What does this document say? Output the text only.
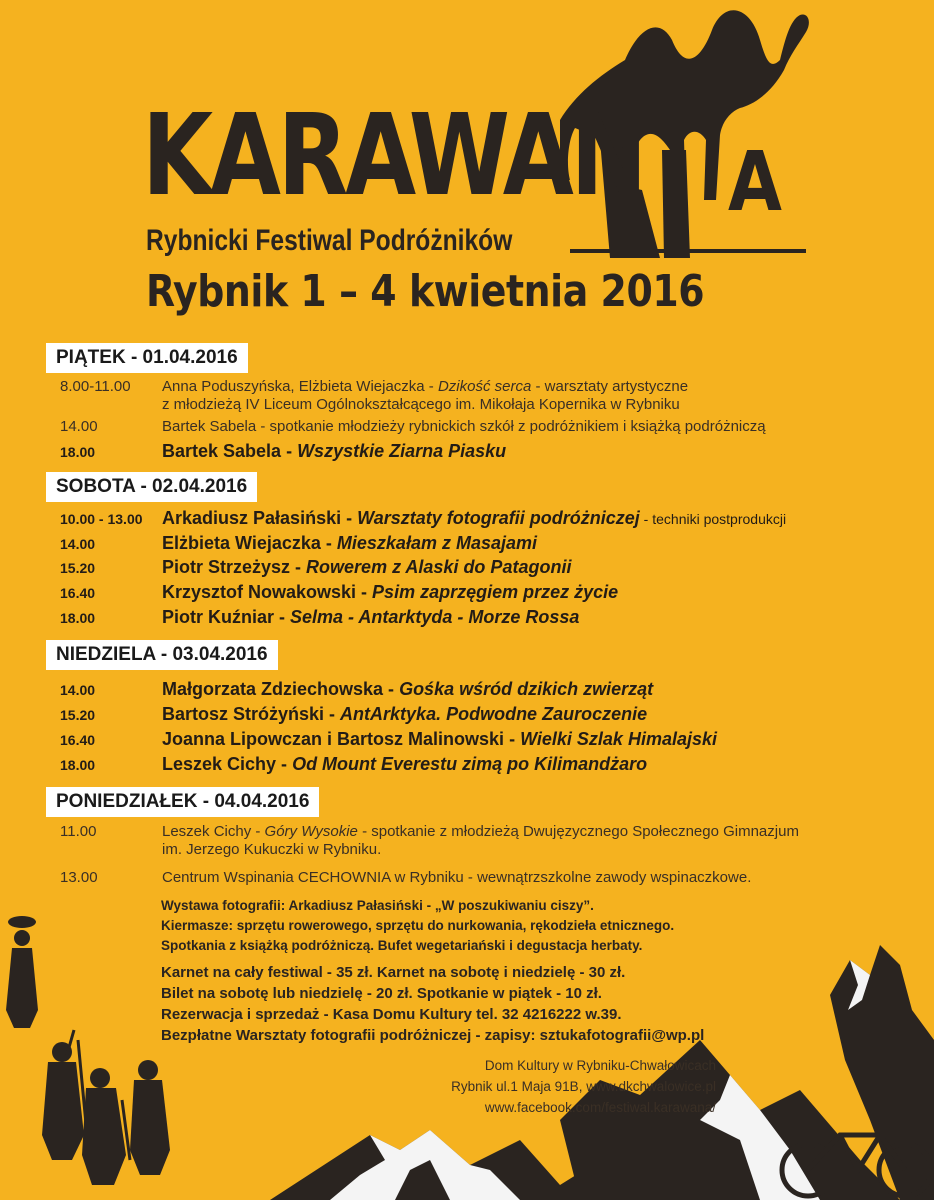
KARAWAN A
Rybnicki Festiwal Podróżników
Rybnik 1 – 4 kwietnia 2016
PIĄTEK - 01.04.2016
8.00-11.00 Anna Poduszyńska, Elżbieta Wiejaczka - Dzikość serca - warsztaty artystyczne
z młodzieżą IV Liceum Ogólnokształcącego im. Mikołaja Kopernika w Rybniku
14.00	Bartek Sabela - spotkanie młodzieży rybnickich szkół z podróżnikiem i książką podróżniczą
18.00	Bartek Sabela - Wszystkie Ziarna Piasku
SOBOTA - 02.04.2016
10.00 - 13.00 Arkadiusz Pałasiński - Warsztaty fotografii podróżniczej - techniki postprodukcji
14.00	Elżbieta Wiejaczka - Mieszkałam z Masajami
15.20	Piotr Strzeżysz - Rowerem z Alaski do Patagonii
16.40	Krzysztof Nowakowski - Psim zaprzęgiem przez życie
18.00	Piotr Kuźniar - Selma - Antarktyda - Morze Rossa
NIEDZIELA - 03.04.2016
14.00	Małgorzata Zdziechowska - Gośka wśród dzikich zwierząt
15.20	Bartosz Stróżyński - AntArktyka. Podwodne Zauroczenie
16.40	Joanna Lipowczan i Bartosz Malinowski - Wielki Szlak Himalajski
18.00	Leszek Cichy - Od Mount Everestu zimą po Kilimandżaro
PONIEDZIAŁEK - 04.04.2016
11.00	Leszek Cichy - Góry Wysokie - spotkanie z młodzieżą Dwujęzycznego Społecznego Gimnazjum
im. Jerzego Kukuczki w Rybniku.
13.00	Centrum Wspinania CECHOWNIA w Rybniku - wewnątrzszkolne zawody wspinaczkowe.
Wystawa fotografii: Arkadiusz Pałasiński - „W poszukiwaniu ciszy”.
Kiermasze: sprzętu rowerowego, sprzętu do nurkowania, rękodzieła etnicznego.
Spotkania z książką podróżniczą. Bufet wegetariański i degustacja herbaty.
Karnet na cały festiwal - 35 zł. Karnet na sobotę i niedzielę - 30 zł.
Bilet na sobotę lub niedzielę - 20 zł. Spotkanie w piątek - 10 zł.
Rezerwacja i sprzedaż - Kasa Domu Kultury tel. 32 4216222 w.39.
Bezpłatne Warsztaty fotografii podróżniczej - zapisy: sztukafotografii@wp.pl
Dom Kultury w Rybniku-Chwałowicach
Rybnik ul.1 Maja 91B, www.dkchwalowice.pl
www.facebook.com/festiwal.karawana/
